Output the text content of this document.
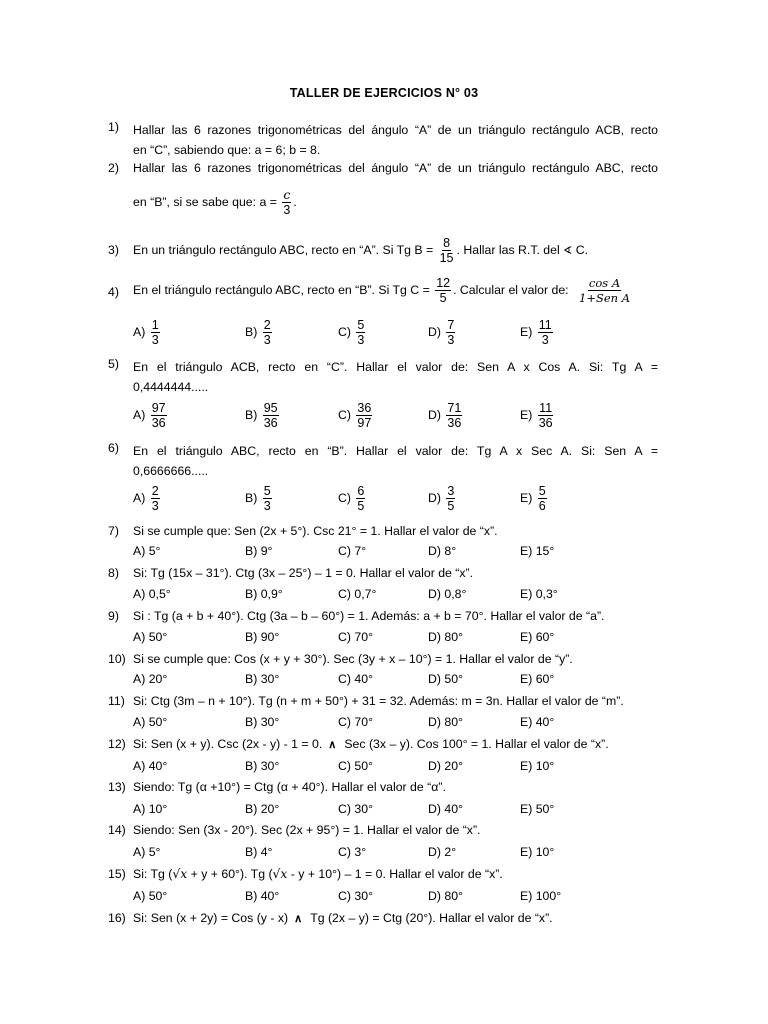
TALLER DE EJERCICIOS N° 03
1)	Hallar las 6 razones trigonométricas del ángulo “A” de un triángulo rectángulo ACB, recto
en “C”, sabiendo que: a = 6; b = 8.
2)	Hallar las 6 razones trigonométricas del ángulo “A” de un triángulo rectángulo ABC, recto
en “B”, si se sabe que: $a = \frac{c}{3}$ .
3)	En un triángulo rectángulo ABC, recto en “A”. Si Tg $B = \frac{8}{15}$ . Hallar las R.T. del ∢ C.
4)	En el triángulo rectángulo ABC, recto en “B”. Si Tg $C = \frac{12}{5}$ . Calcular el valor de: $\frac{\text{cos A}}{\text{1+Sen A}}$
$A) \frac{1}{3}$	$B) \frac{2}{3}$	$C) \frac{5}{3}$	$D) \frac{7}{3}$	$E) \frac{11}{3}$
5)	En el triángulo ACB, recto en “C”. Hallar el valor de: Sen A x Cos A. Si: Tg A =
0,4444444.....
$A) \frac{97}{36}$	$B) \frac{95}{36}$	$C) \frac{36}{97}$	$D) \frac{71}{36}$	$E) \frac{11}{36}$
6)	En el triángulo ABC, recto en “B”. Hallar el valor de: Tg A x Sec A. Si: Sen A =
0,6666666.....
$A) \frac{2}{3}$	$B) \frac{5}{3}$	$C) \frac{6}{5}$	$D) \frac{3}{5}$	$E) \frac{5}{6}$
7)	Si se cumple que: Sen (2x + 5°). Csc 21° = 1. Hallar el valor de “x”.
A) 5°	B) 9°	C) 7°	D) 8°	E) 15°
8)	Si: Tg (15x – 31°). Ctg (3x – 25°) – 1 = 0. Hallar el valor de “x”.
A) 0,5°	B) 0,9°	C) 0,7°	D) 0,8°	E) 0,3°
9)	Si : Tg (a + b + 40°). Ctg (3a – b – 60°) = 1. Además: a + b = 70°. Hallar el valor de “a”.
A) 50°	B) 90°	C) 70°	D) 80°	E) 60°
10) Si se cumple que: Cos (x + y + 30°). Sec (3y + x – 10°) = 1. Hallar el valor de “y”.
A) 20°	B) 30°	C) 40°	D) 50°	E) 60°
11) Si: Ctg (3m – n + 10°). Tg (n + m + 50°) + 31 = 32. Además: m = 3n. Hallar el valor de “m”.
A) 50°	B) 30°	C) 70°	D) 80°	E) 40°
12) Si: Sen (x + y). Csc (2x - y) - 1 = 0. ∧ Sec (3x – y). Cos 100° = 1. Hallar el valor de “x”.
A) 40°	B) 30°	C) 50°	D) 20°	E) 10°
13) Siendo: Tg (α +10°) = Ctg (α + 40°). Hallar el valor de “α”.
A) 10°	B) 20°	C) 30°	D) 40°	E) 50°
14) Siendo: Sen (3x - 20°). Sec (2x + 95°) = 1. Hallar el valor de “x”.
A) 5°	B) 4°	C) 3°	D) 2°	E) 10°
15) Si: Tg (√x + y + 60°). Tg (√x - y + 10°) – 1 = 0. Hallar el valor de “x”.
A) 50°	B) 40°	C) 30°	D) 80°	E) 100°
16) Si: Sen (x + 2y) = Cos (y - x) ∧ Tg (2x – y) = Ctg (20°). Hallar el valor de “x”.
